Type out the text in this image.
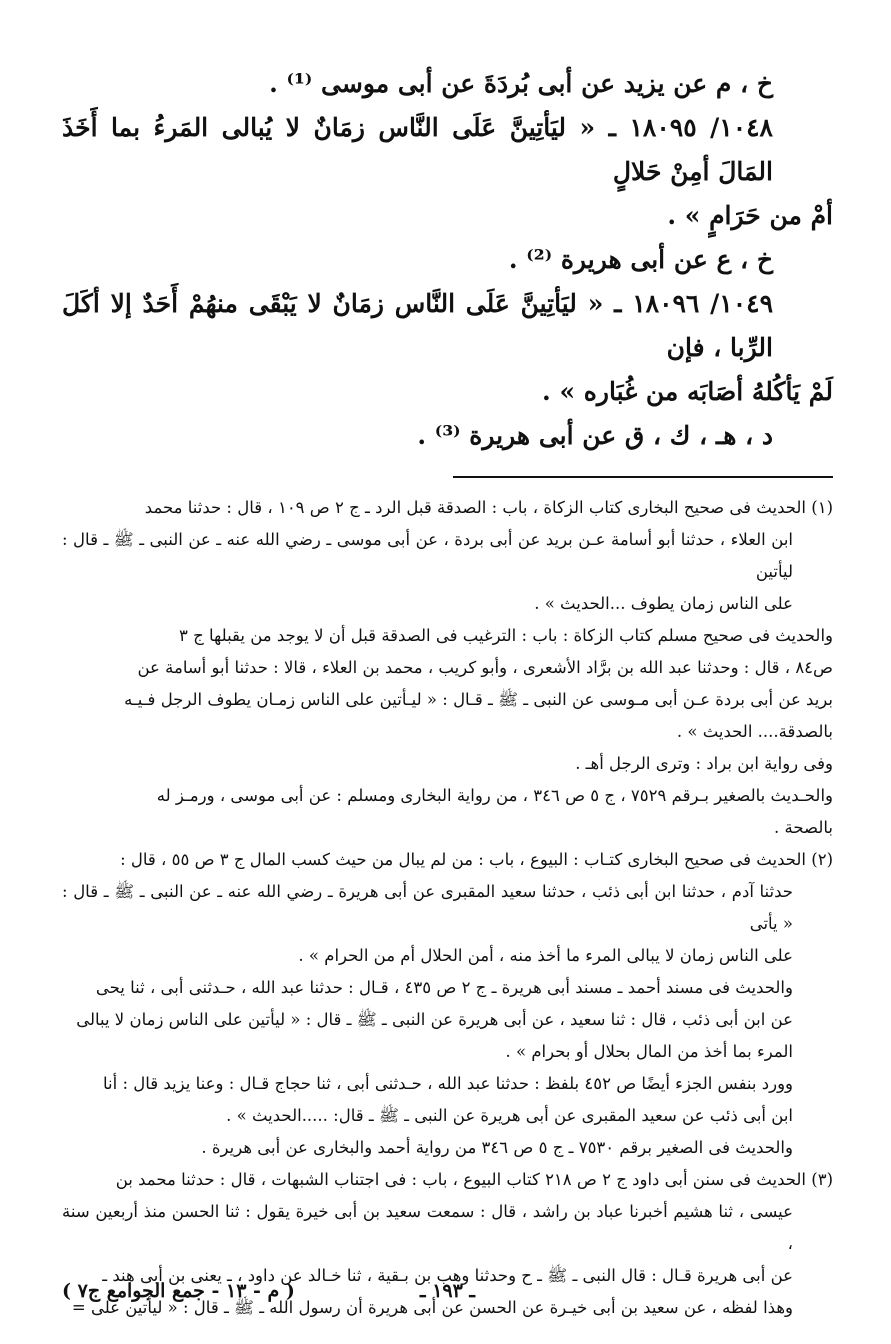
خ ، م عن يزيد عن أبى بُردَةَ عن أبى موسى ⁽¹⁾ .

١٠٤٨/ ١٨٠٩٥ ـ « ليَأتِينَّ عَلَى النَّاس زمَانٌ لا يُبالى المَرءُ بما أَخَذَ المَالَ أمِنْ حَلالٍ

أمْ من حَرَامٍ » .

خ ، ع عن أبى هريرة ⁽²⁾ .

١٠٤٩/ ١٨٠٩٦ ـ « ليَأتِينَّ عَلَى النَّاس زمَانٌ لا يَبْقَى منهُمْ أَحَدٌ إلا أكَلَ الرِّبا ، فإن

لَمْ يَأكُلهُ أصَابَه من غُبَاره » .

د ، هـ ، ك ، ق عن أبى هريرة ⁽³⁾ .

(١) الحديث فى صحيح البخارى كتاب الزكاة ، باب : الصدقة قبل الرد ـ ج ٢ ص ١٠٩ ، قال : حدثنا محمد

ابن العلاء ، حدثنا أبو أسامة عـن بريد عن أبى بردة ، عن أبى موسى ـ رضي الله عنه ـ عن النبى ـ ﷺ ـ قال : ليأتين

على الناس زمان يطوف ...الحديث » .

والحديث فى صحيح مسلم كتاب الزكاة : باب : الترغيب فى الصدقة قبل أن لا يوجد من يقبلها ج ٣

ص٨٤ ، قال : وحدثنا عبد الله بن برَّاد الأشعرى ، وأبو كريب ، محمد بن العلاء ، قالا : حدثنا أبو أسامة عن

بريد عن أبى بردة عـن أبى مـوسى عن النبى ـ ﷺ ـ قـال : « ليـأتين على الناس زمـان يطوف الرجل فـيـه

بالصدقة.... الحديث » .

وفى رواية ابن براد : وترى الرجل أهـ .

والحـديث بالصغير بـرقم ٧٥٢٩ ، ج ٥ ص ٣٤٦ ، من رواية البخارى ومسلم : عن أبى موسى ، ورمـز له

بالصحة .

(٢) الحديث فى صحيح البخارى كتـاب : البيوع ، باب : من لم يبال من حيث كسب المال ج ٣ ص ٥٥ ، قال :

حدثنا آدم ، حدثنا ابن أبى ذئب ، حدثنا سعيد المقبرى عن أبى هريرة ـ رضي الله عنه ـ عن النبى ـ ﷺ ـ قال : « يأتى

على الناس زمان لا يبالى المرء ما أخذ منه ، أمن الحلال أم من الحرام » .

والحديث فى مسند أحمد ـ مسند أبى هريرة ـ ج ٢ ص ٤٣٥ ، قـال : حدثنا عبد الله ، حـدثنى أبى ، ثنا يحى

عن ابن أبى ذئب ، قال : ثنا سعيد ، عن أبى هريرة عن النبى ـ ﷺ ـ قال : « ليأتين على الناس زمان لا يبالى

المرء بما أخذ من المال بحلال أو بحرام » .

وورد بنفس الجزء أيضًا ص ٤٥٢ بلفظ : حدثنا عبد الله ، حـدثنى أبى ، ثنا حجاج قـال : وعنا يزيد قال : أنا

ابن أبى ذئب عن سعيد المقبرى عن أبى هريرة عن النبى ـ ﷺ ـ قال: .....الحديث » .

والحديث فى الصغير برقم ٧٥٣٠ ـ ج ٥ ص ٣٤٦ من رواية أحمد والبخارى عن أبى هريرة .

(٣) الحديث فى سنن أبى داود ج ٢ ص ٢١٨ كتاب البيوع ، باب : فى اجتناب الشبهات ، قال : حدثنا محمد بن

عيسى ، ثنا هشيم أخبرنا عباد بن راشد ، قال : سمعت سعيد بن أبى خيرة يقول : ثنا الحسن منذ أربعين سنة ،

عن أبى هريرة قـال : قال النبى ـ ﷺ ـ ح وحدثنا وهب بن بـقية ، ثنا خـالد عن داود ، ـ يعنى بن أبى هند ـ

وهذا لفظه ، عن سعيد بن أبى خيـرة عن الحسن عن أبى هريرة أن رسول الله ـ ﷺ ـ قال : « ليأتين على =

ـ ١٩٣ ـ
( م - ١٣ - جمع الجوامع ج٧ )
